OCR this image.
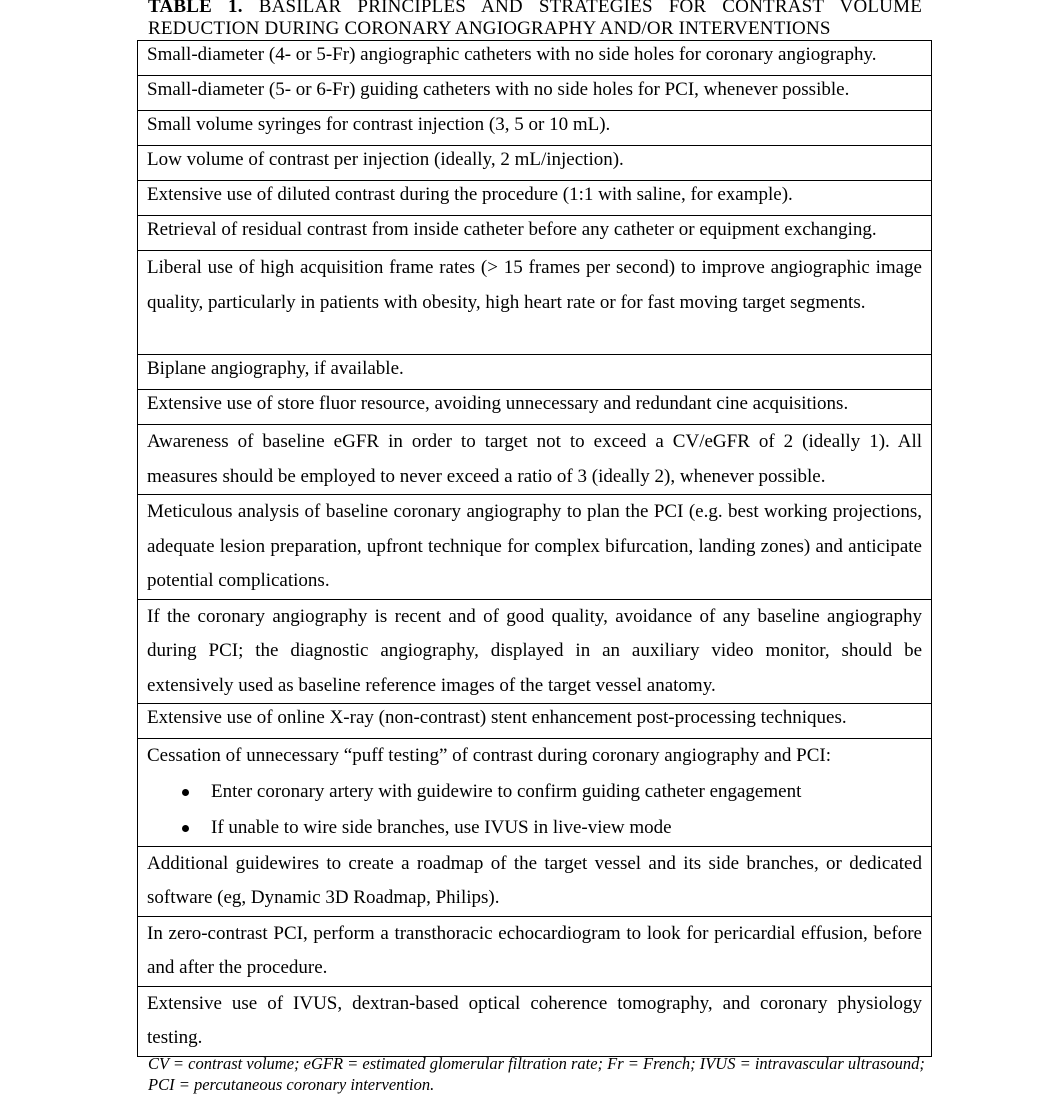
TABLE 1. BASILAR PRINCIPLES AND STRATEGIES FOR CONTRAST VOLUME REDUCTION DURING CORONARY ANGIOGRAPHY AND/OR INTERVENTIONS
Small-diameter (4- or 5-Fr) angiographic catheters with no side holes for coronary angiography.
Small-diameter (5- or 6-Fr) guiding catheters with no side holes for PCI, whenever possible.
Small volume syringes for contrast injection (3, 5 or 10 mL).
Low volume of contrast per injection (ideally, 2 mL/injection).
Extensive use of diluted contrast during the procedure (1:1 with saline, for example).
Retrieval of residual contrast from inside catheter before any catheter or equipment exchanging.
Liberal use of high acquisition frame rates (> 15 frames per second) to improve angiographic image quality, particularly in patients with obesity, high heart rate or for fast moving target segments.
Biplane angiography, if available.
Extensive use of store fluor resource, avoiding unnecessary and redundant cine acquisitions.
Awareness of baseline eGFR in order to target not to exceed a CV/eGFR of 2 (ideally 1). All measures should be employed to never exceed a ratio of 3 (ideally 2), whenever possible.
Meticulous analysis of baseline coronary angiography to plan the PCI (e.g. best working projections, adequate lesion preparation, upfront technique for complex bifurcation, landing zones) and anticipate potential complications.
If the coronary angiography is recent and of good quality, avoidance of any baseline angiography during PCI; the diagnostic angiography, displayed in an auxiliary video monitor, should be extensively used as baseline reference images of the target vessel anatomy.
Extensive use of online X-ray (non-contrast) stent enhancement post-processing techniques.

Cessation of unnecessary “puff testing” of contrast during coronary angiography and PCI:
Enter coronary artery with guidewire to confirm guiding catheter engagement
If unable to wire side branches, use IVUS in live-view mode

Additional guidewires to create a roadmap of the target vessel and its side branches, or dedicated software (eg, Dynamic 3D Roadmap, Philips).
In zero-contrast PCI, perform a transthoracic echocardiogram to look for pericardial effusion, before and after the procedure.
Extensive use of IVUS, dextran-based optical coherence tomography, and coronary physiology testing.
CV = contrast volume; eGFR = estimated glomerular filtration rate; Fr = French; IVUS = intravascular ultrasound; PCI = percutaneous coronary intervention.
